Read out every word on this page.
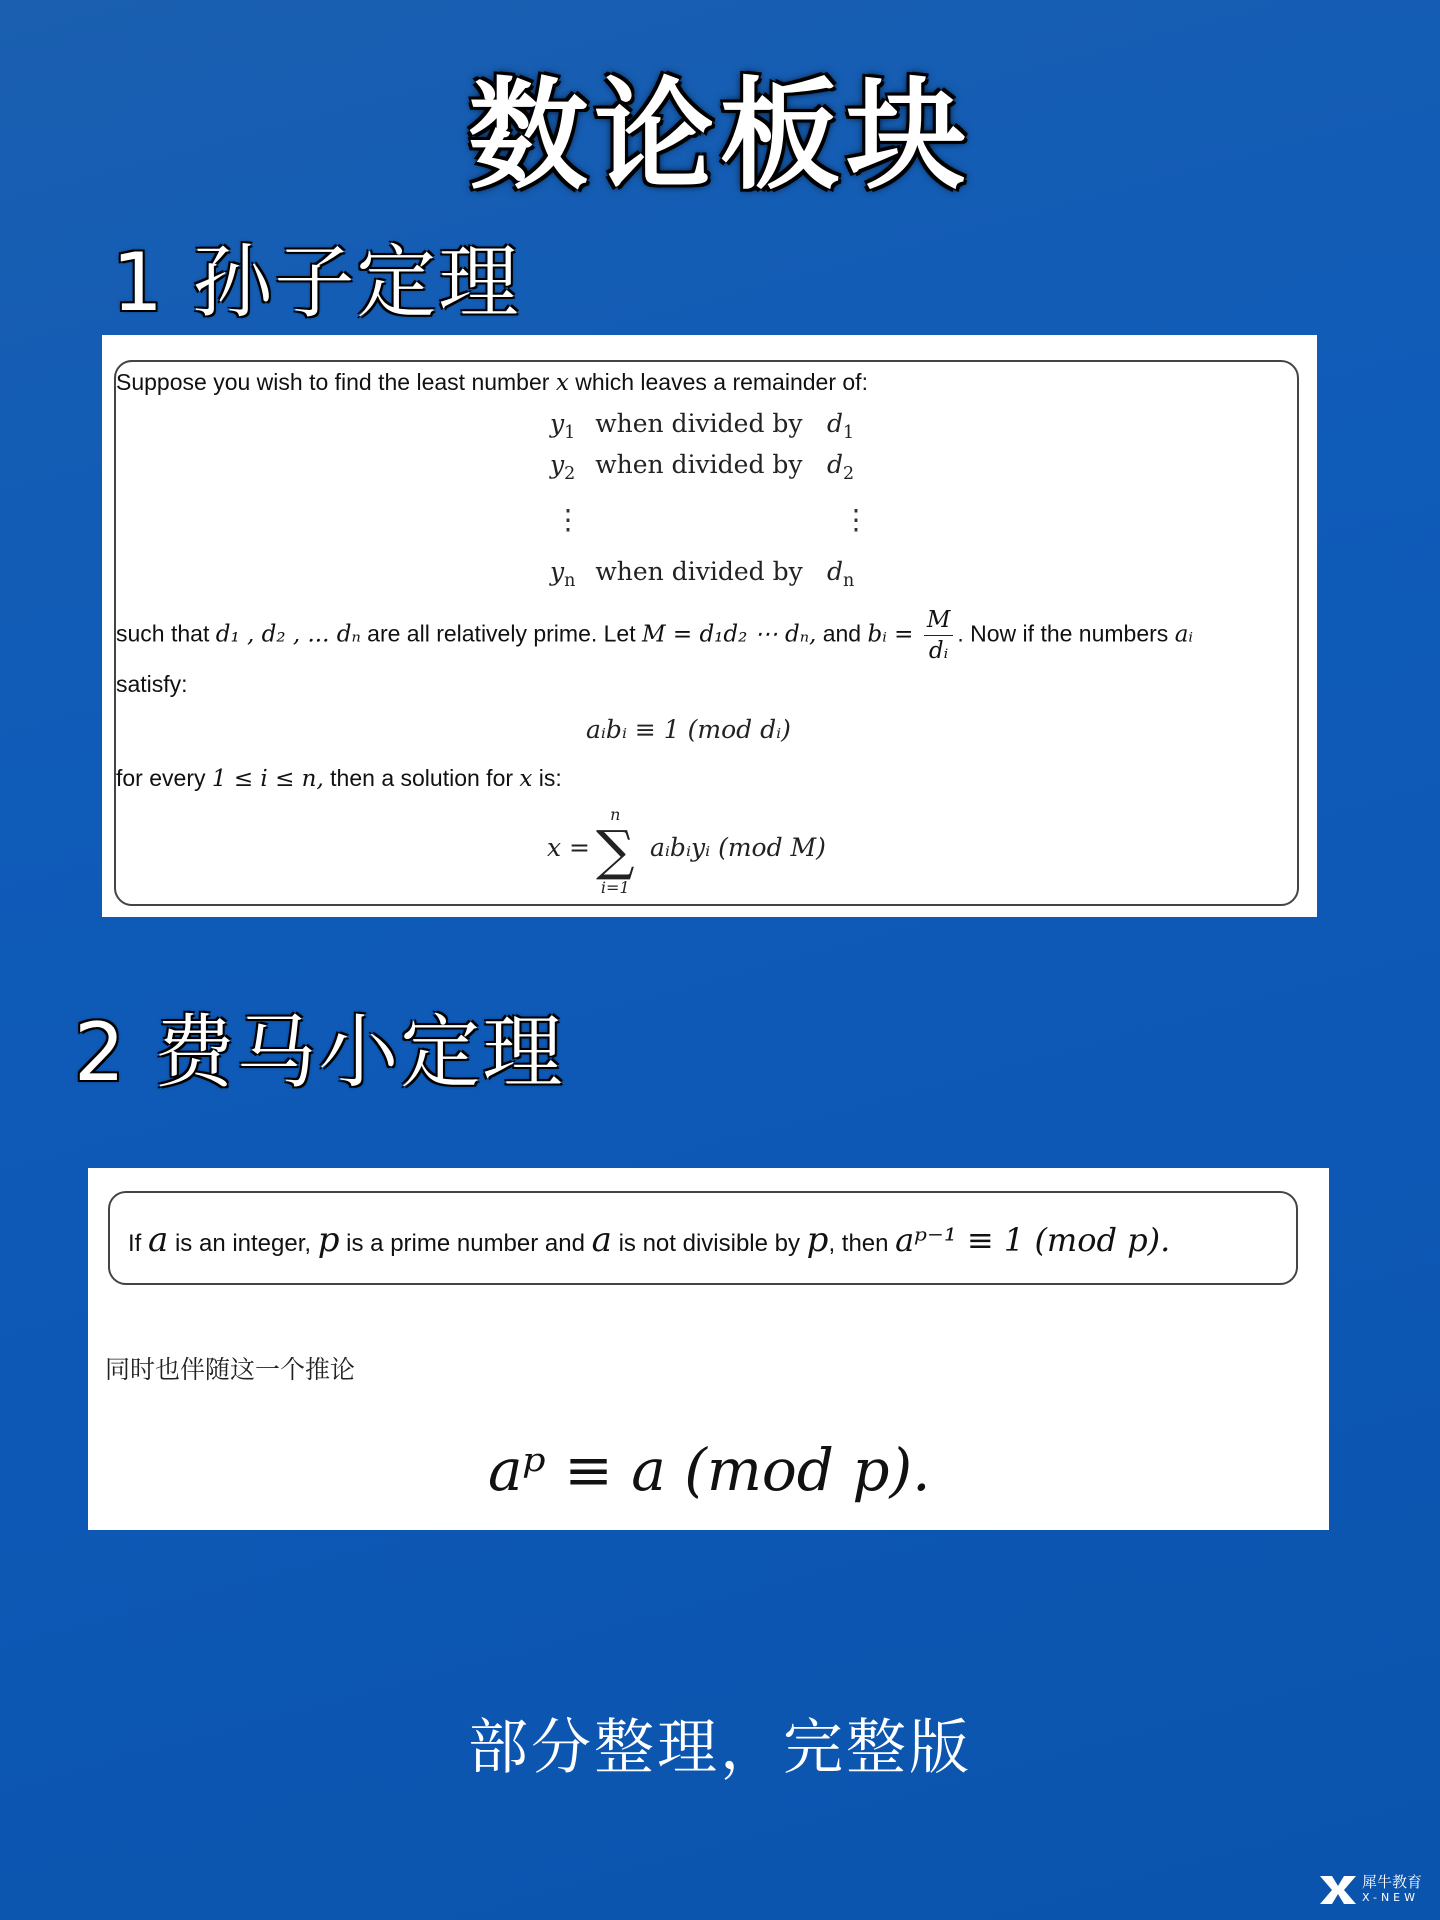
数论板块
1 孙子定理
Suppose you wish to find the least number x which leaves a remainder of:
$y_1$ when divided by $d_1$
$y_2$ when divided by $d_2$
⋮	⋮
$y_n$ when divided by $d_n$
such that d₁ , d₂ , ... dₙ are all relatively prime. Let M = d₁d₂ ⋯ dₙ, and bᵢ = $\frac{M}{\text{dᵢ}}$ . Now if the numbers aᵢ
satisfy:
aᵢbᵢ ≡ 1 (mod dᵢ)
for every 1 ≤ i ≤ n, then a solution for x is:
x =
n
∑
i=1
aᵢbᵢyᵢ (mod M)
2 费马小定理
If a is an integer, p is a prime number and a is not divisible by p, then aᵖ⁻¹ ≡ 1 (mod p).
同时也伴随这一个推论
aᵖ ≡ a (mod p).
部分整理，完整版
犀牛教育
X-NEW
